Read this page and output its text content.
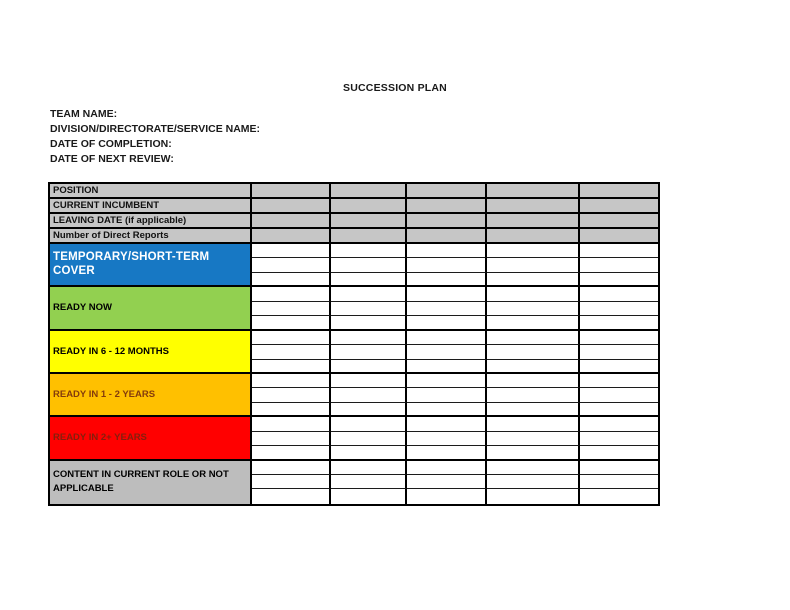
SUCCESSION PLAN
TEAM NAME:
DIVISION/DIRECTORATE/SERVICE NAME:
DATE OF COMPLETION:
DATE OF NEXT REVIEW:
POSITION
CURRENT INCUMBENT
LEAVING DATE (if applicable)
Number of Direct Reports
TEMPORARY/SHORT-TERM COVER
READY NOW
READY IN 6 - 12 MONTHS
READY IN 1 - 2 YEARS
READY IN 2+ YEARS
CONTENT IN CURRENT ROLE OR NOT APPLICABLE
